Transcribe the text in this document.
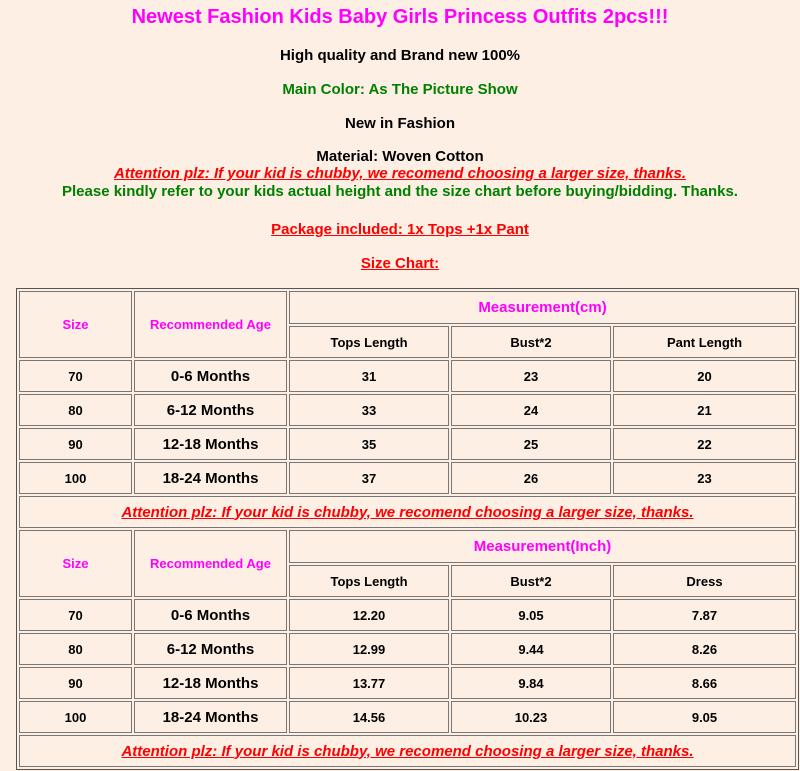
Newest Fashion Kids Baby Girls Princess Outfits 2pcs!!!
High quality and Brand new 100%
Main Color: As The Picture Show
New in Fashion
Material: Woven Cotton
Attention plz: If your kid is chubby, we recomend choosing a larger size, thanks.
Please kindly refer to your kids actual height and the size chart before buying/bidding. Thanks.
Package included: 1x Tops +1x Pant
Size Chart:
Size	Recommended Age	Measurement(cm)		
		Tops Length	Bust*2	Pant Length
70	0-6 Months	31	23	20
80	6-12 Months	33	24	21
90	12-18 Months	35	25	22
100	18-24 Months	37	26	23
Attention plz: If your kid is chubby, we recomend choosing a larger size, thanks.				
Size	Recommended Age	Measurement(Inch)		
		Tops Length	Bust*2	Dress
70	0-6 Months	12.20	9.05	7.87
80	6-12 Months	12.99	9.44	8.26
90	12-18 Months	13.77	9.84	8.66
100	18-24 Months	14.56	10.23	9.05
Attention plz: If your kid is chubby, we recomend choosing a larger size, thanks.				
